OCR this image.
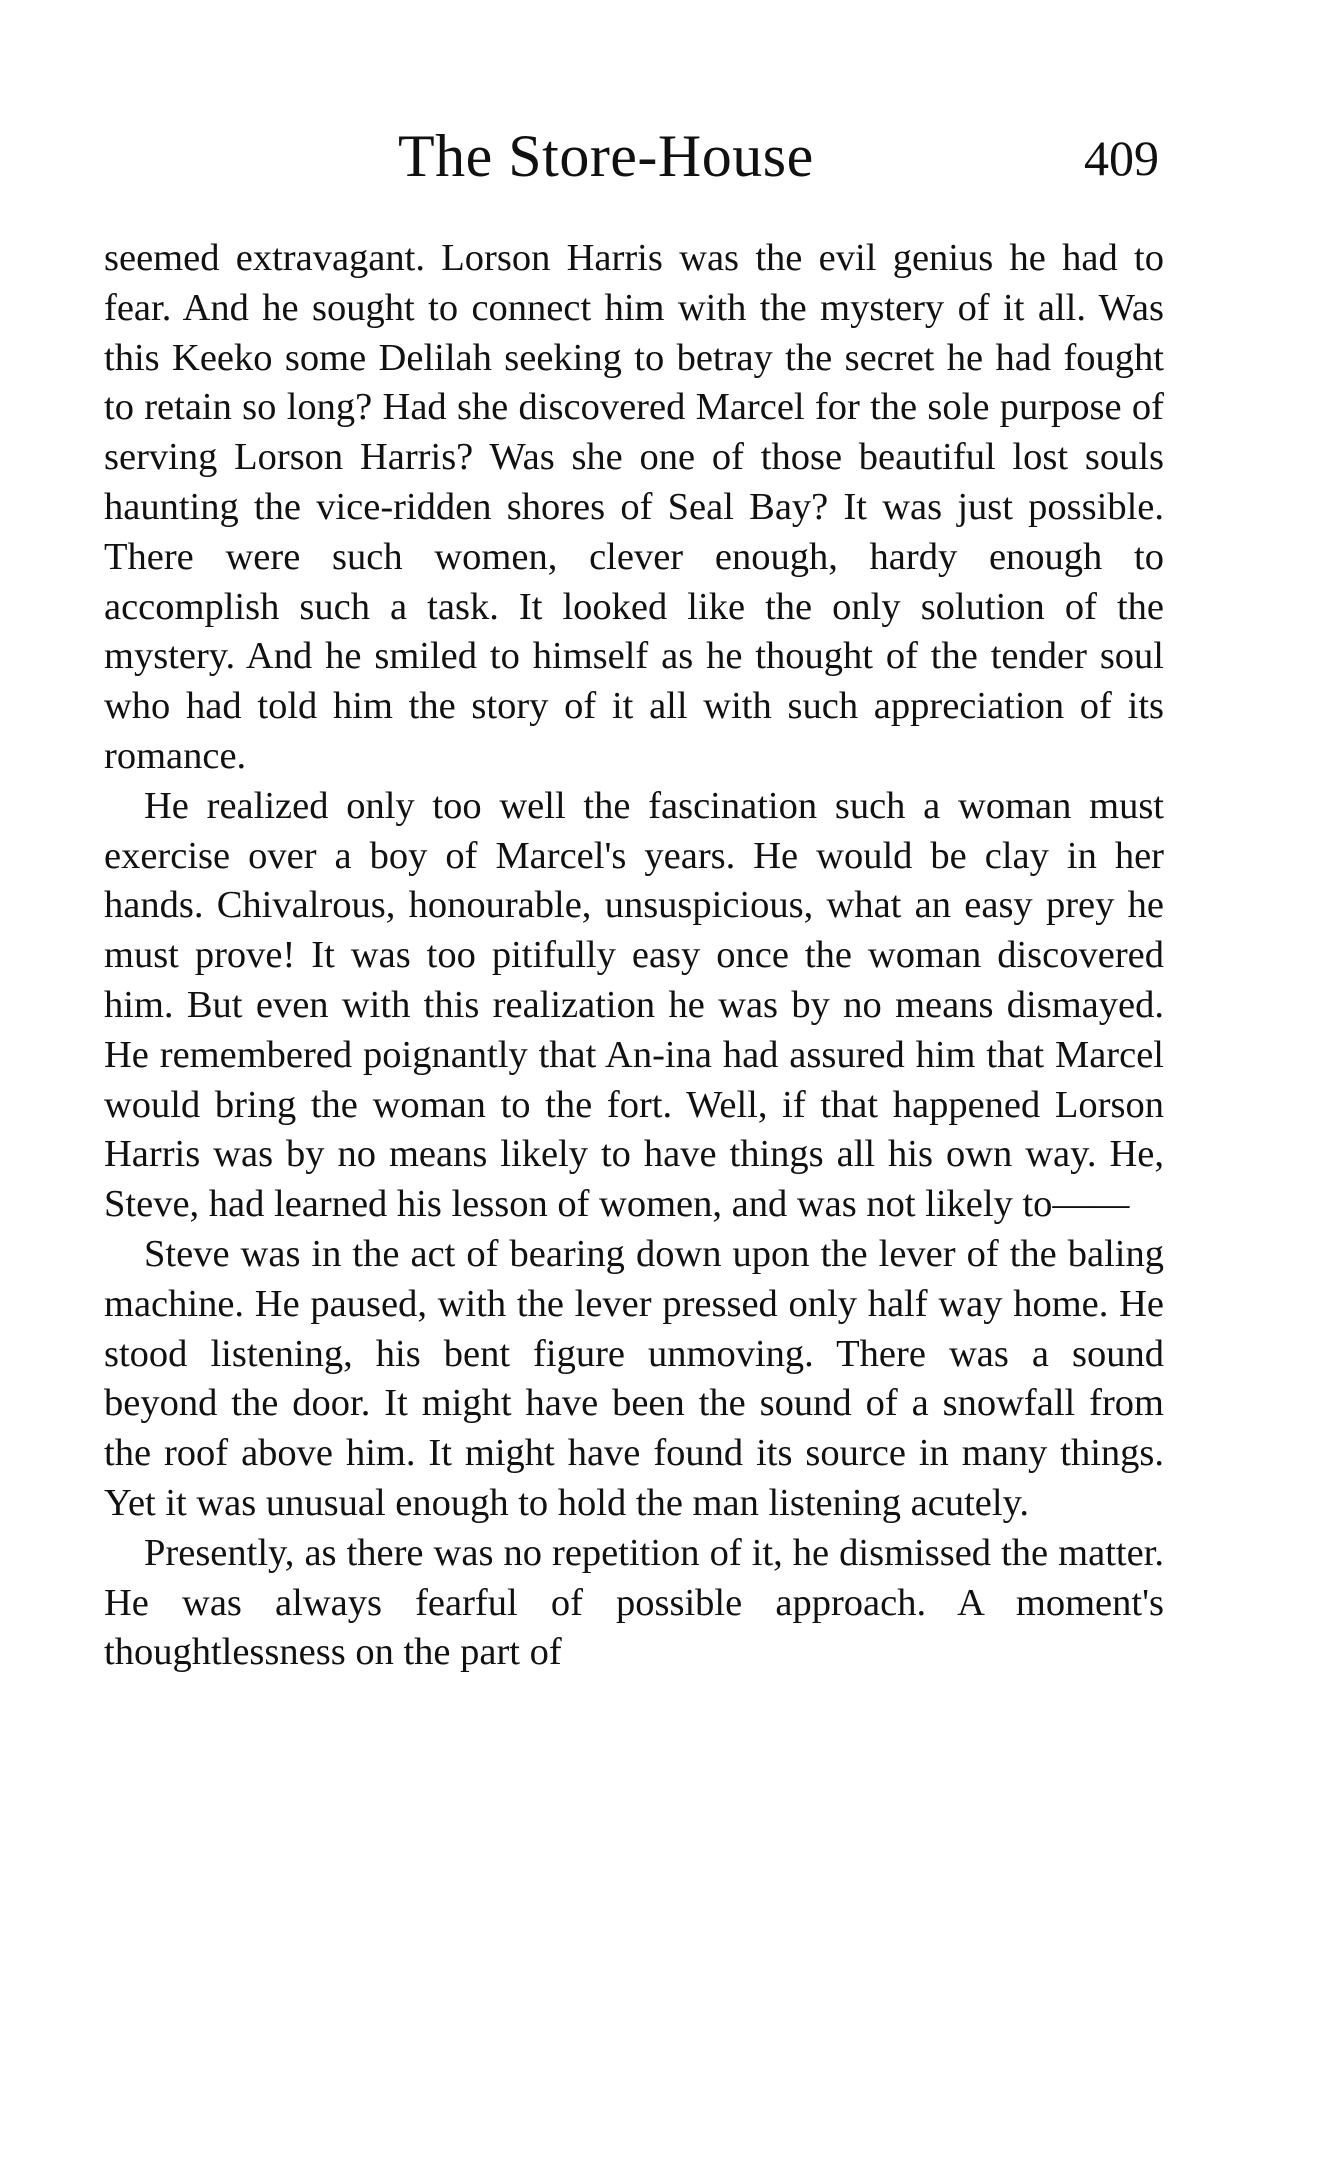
The Store-House	409

seemed extravagant. Lorson Harris was the evil genius he had to fear. And he sought to connect him with the mystery of it all. Was this Keeko some Delilah seeking to betray the secret he had fought to retain so long? Had she discovered Marcel for the sole purpose of serving Lorson Harris? Was she one of those beautiful lost souls haunting the vice-ridden shores of Seal Bay? It was just possible. There were such women, clever enough, hardy enough to accomplish such a task. It looked like the only solution of the mystery. And he smiled to himself as he thought of the tender soul who had told him the story of it all with such appreciation of its romance.

He realized only too well the fascination such a woman must exercise over a boy of Marcel's years. He would be clay in her hands. Chivalrous, honourable, unsuspicious, what an easy prey he must prove! It was too pitifully easy once the woman discovered him. But even with this realization he was by no means dismayed. He remembered poignantly that An-ina had assured him that Marcel would bring the woman to the fort. Well, if that happened Lorson Harris was by no means likely to have things all his own way. He, Steve, had learned his lesson of women, and was not likely to——

Steve was in the act of bearing down upon the lever of the baling machine. He paused, with the lever pressed only half way home. He stood listening, his bent figure unmoving. There was a sound beyond the door. It might have been the sound of a snowfall from the roof above him. It might have found its source in many things. Yet it was unusual enough to hold the man listening acutely.

Presently, as there was no repetition of it, he dismissed the matter. He was always fearful of possible approach. A moment's thoughtlessness on the part of
